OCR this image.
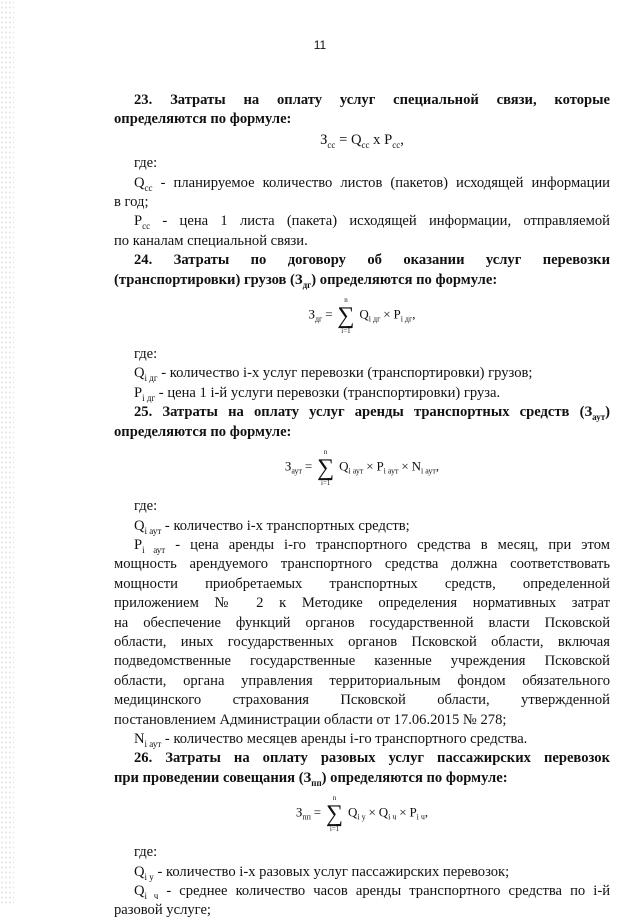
11

23. Затраты на оплату услуг специальной связи, которые

определяются по формуле:

$З_{сс} = Q_{сс}$ х $P_{сс}$,

где:

$Q_{сс}$ - планируемое количество листов (пакетов) исходящей информации

в год;

$P_{сс}$ - цена 1 листа (пакета) исходящей информации, отправляемой

по каналам специальной связи.

24. Затраты по договору об оказании услуг перевозки

(транспортировки) грузов $(З_{дг})$ определяются по формуле:

$З_{дг}$ =
n
∑
i=1
$Q_{i дг} \times P_{i дг}$,

где:

$Q_{i дг}$ - количество i-х услуг перевозки (транспортировки) грузов;

$P_{i дг}$ - цена 1 i-й услуги перевозки (транспортировки) груза.

25. Затраты на оплату услуг аренды транспортных средств $(З_{аут})$

определяются по формуле:

$З_{аут}$ =
n
∑
i=1
$Q_{i аут} \times P_{i аут} \times N_{i аут}$,

где:

$Q_{i аут}$ - количество i-х транспортных средств;

$P_{i аут}$ - цена аренды i-го транспортного средства в месяц, при этом

мощность арендуемого транспортного средства должна соответствовать

мощности приобретаемых транспортных средств, определенной

приложением № 2 к Методике определения нормативных затрат

на обеспечение функций органов государственной власти Псковской

области, иных государственных органов Псковской области, включая

подведомственные государственные казенные учреждения Псковской

области, органа управления территориальным фондом обязательного

медицинского страхования Псковской области, утвержденной

постановлением Администрации области от 17.06.2015 № 278;

$N_{i аут}$ - количество месяцев аренды i-го транспортного средства.

26. Затраты на оплату разовых услуг пассажирских перевозок

при проведении совещания $(З_{пп})$ определяются по формуле:

$З_{пп}$ =
n
∑
i=1
$Q_{i у} \times Q_{i ч} \times P_{i ч}$,

где:

$Q_{i у}$ - количество i-х разовых услуг пассажирских перевозок;

$Q_{i ч}$ - среднее количество часов аренды транспортного средства по i-й

разовой услуге;
